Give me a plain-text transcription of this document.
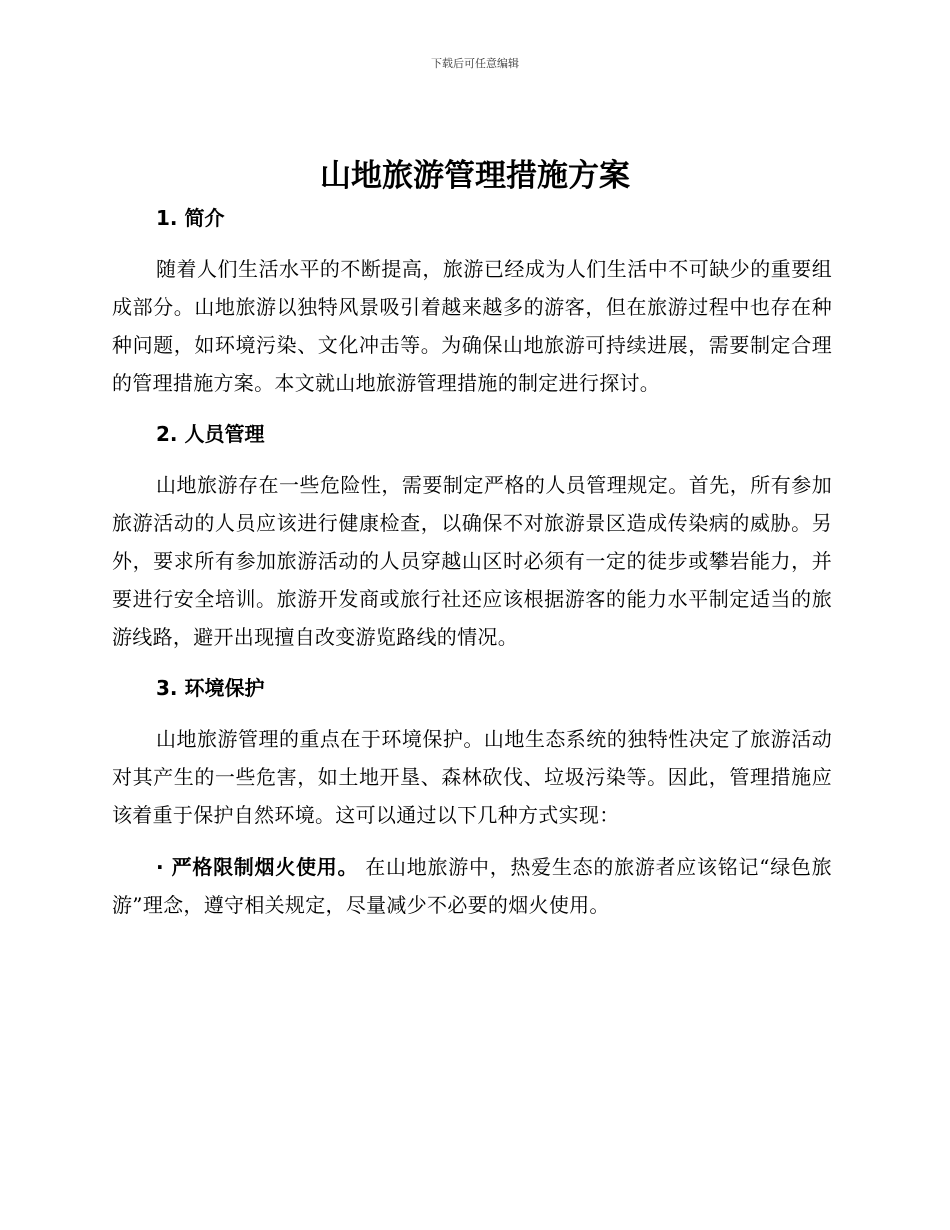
下载后可任意编辑
山地旅游管理措施方案
1. 简介

随着人们生活水平的不断提高，旅游已经成为人们生活中不可缺少的重要组成部分。山地旅游以独特风景吸引着越来越多的游客，但在旅游过程中也存在种种问题，如环境污染、文化冲击等。为确保山地旅游可持续进展，需要制定合理的管理措施方案。本文就山地旅游管理措施的制定进行探讨。

2. 人员管理

山地旅游存在一些危险性，需要制定严格的人员管理规定。首先，所有参加旅游活动的人员应该进行健康检查，以确保不对旅游景区造成传染病的威胁。另外，要求所有参加旅游活动的人员穿越山区时必须有一定的徒步或攀岩能力，并要进行安全培训。旅游开发商或旅行社还应该根据游客的能力水平制定适当的旅游线路，避开出现擅自改变游览路线的情况。

3. 环境保护

山地旅游管理的重点在于环境保护。山地生态系统的独特性决定了旅游活动对其产生的一些危害，如土地开垦、森林砍伐、垃圾污染等。因此，管理措施应该着重于保护自然环境。这可以通过以下几种方式实现：

· 严格限制烟火使用。 在山地旅游中，热爱生态的旅游者应该铭记“绿色旅游”理念，遵守相关规定，尽量减少不必要的烟火使用。
